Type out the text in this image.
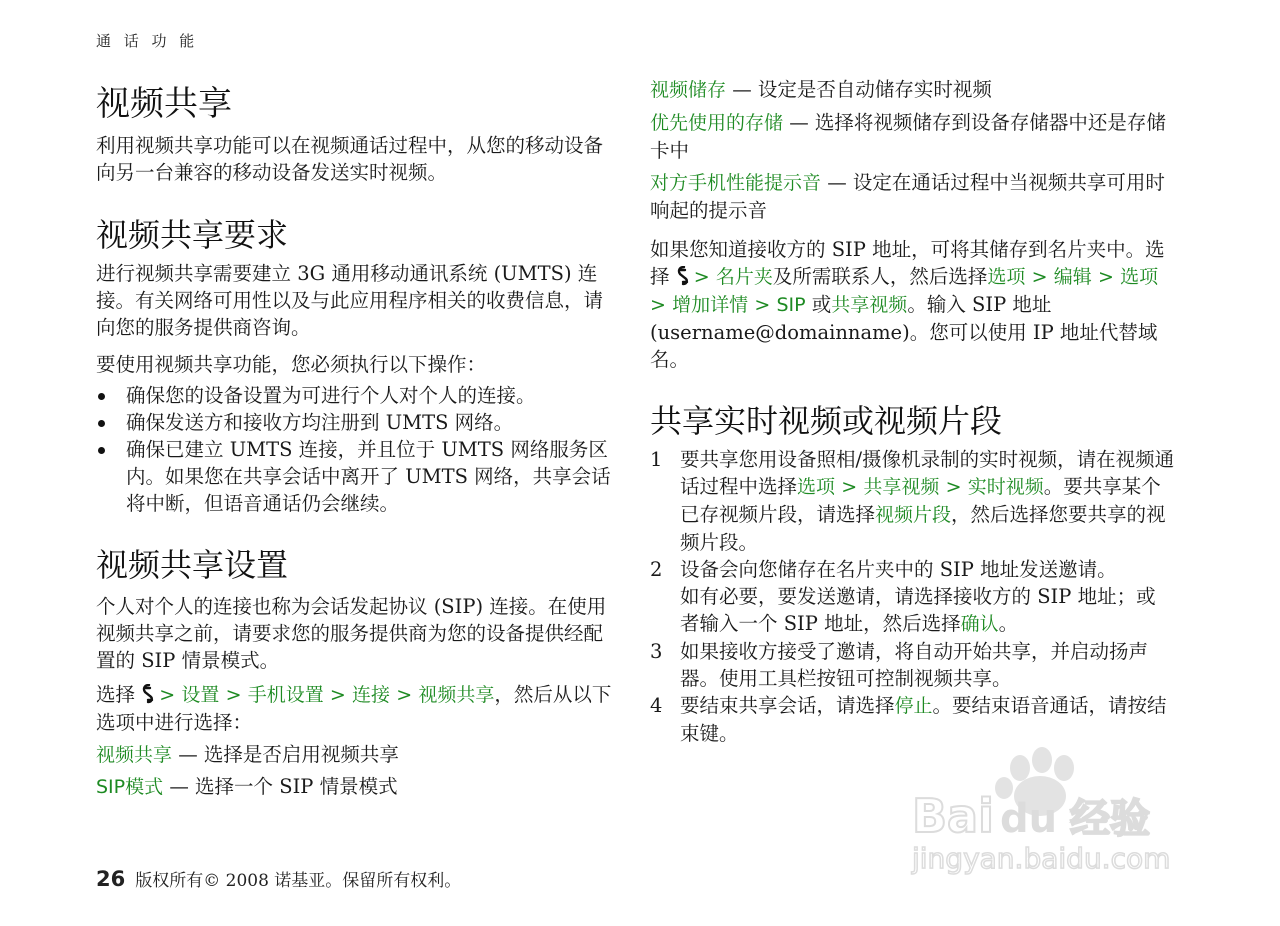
通 话 功 能
视频共享

利用视频共享功能可以在视频通话过程中，从您的移动设备向另一台兼容的移动设备发送实时视频。

视频共享要求

进行视频共享需要建立 3G 通用移动通讯系统 (UMTS) 连接。有关网络可用性以及与此应用程序相关的收费信息，请向您的服务提供商咨询。

要使用视频共享功能，您必须执行以下操作：

确保您的设备设置为可进行个人对个人的连接。
确保发送方和接收方均注册到 UMTS 网络。
确保已建立 UMTS 连接，并且位于 UMTS 网络服务区内。如果您在共享会话中离开了 UMTS 网络，共享会话将中断，但语音通话仍会继续。
视频共享设置

个人对个人的连接也称为会话发起协议 (SIP) 连接。在使用视频共享之前，请要求您的服务提供商为您的设备提供经配置的 SIP 情景模式。

选择 > 设置 > 手机设置 > 连接 > 视频共享，然后从以下选项中进行选择：

视频共享 — 选择是否启用视频共享

SIP模式 — 选择一个 SIP 情景模式

视频储存 — 设定是否自动储存实时视频

优先使用的存储 — 选择将视频储存到设备存储器中还是存储卡中

对方手机性能提示音 — 设定在通话过程中当视频共享可用时响起的提示音

如果您知道接收方的 SIP 地址，可将其储存到名片夹中。选择 > 名片夹及所需联系人，然后选择选项 > 编辑 > 选项 > 增加详情 > SIP 或共享视频。输入 SIP 地址 (username@domainname)。您可以使用 IP 地址代替域名。

共享实时视频或视频片段
1 要共享您用设备照相/摄像机录制的实时视频，请在视频通话过程中选择选项 > 共享视频 > 实时视频。要共享某个已存视频片段，请选择视频片段，然后选择您要共享的视频片段。
2 设备会向您储存在名片夹中的 SIP 地址发送邀请。
如有必要，要发送邀请，请选择接收方的 SIP 地址；或者输入一个 SIP 地址，然后选择确认。
3 如果接收方接受了邀请，将自动开始共享，并启动扬声器。使用工具栏按钮可控制视频共享。
4 要结束共享会话，请选择停止。要结束语音通话，请按结束键。
26 版权所有© 2008 诺基亚。保留所有权利。
Bai du 经验
jingyan.baidu.com
